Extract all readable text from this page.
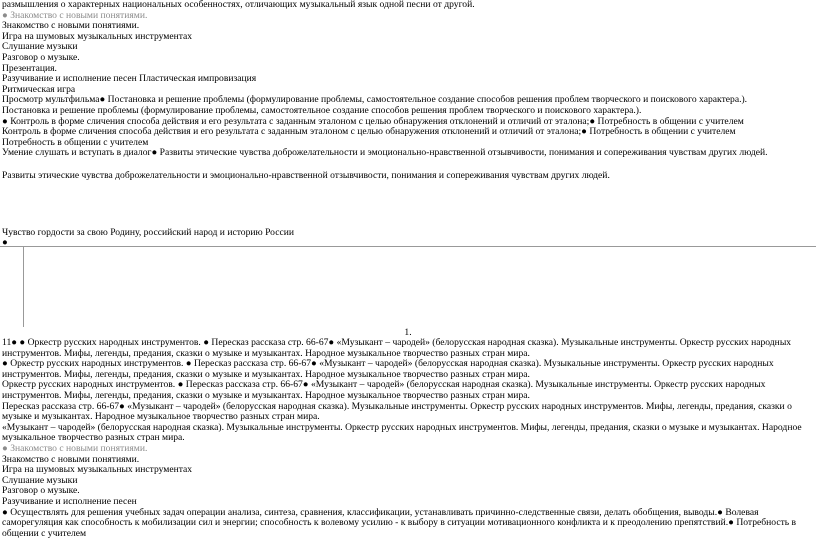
размышления о характерных национальных особенностях, отличающих музыкальный язык одной песни от другой.
● Знакомство с новыми понятиями.
Знакомство с новыми понятиями.
Игра на шумовых музыкальных инструментах
Слушание музыки
Разговор о музыке.
Презентация.
Разучивание и исполнение песен Пластическая импровизация
Ритмическая игра
Просмотр мультфильма● Постановка и решение проблемы (формулирование проблемы, самостоятельное создание способов решения проблем творческого и поискового характера.).
Постановка и решение проблемы (формулирование проблемы, самостоятельное создание способов решения проблем творческого и поискового характера.).
● Контроль в форме сличения способа действия и его результата с заданным эталоном с целью обнаружения отклонений и отличий от эталона;● Потребность в общении с учителем
Контроль в форме сличения способа действия и его результата с заданным эталоном с целью обнаружения отклонений и отличий от эталона;● Потребность в общении с учителем
Потребность в общении с учителем
Умение слушать и вступать в диалог● Развиты этические чувства доброжелательности и эмоционально-нравственной отзывчивости, понимания и сопереживания чувствам других людей.
Развиты этические чувства доброжелательности и эмоционально-нравственной отзывчивости, понимания и сопереживания чувствам других людей.
Чувство гордости за свою Родину, российский народ и историю России
●
1.
11● ● Оркестр русских народных инструментов. ● Пересказ рассказа стр. 66-67● «Музыкант – чародей» (белорусская народная сказка). Музыкальные инструменты. Оркестр русских народных инструментов. Мифы, легенды, предания, сказки о музыке и музыкантах. Народное музыкальное творчество разных стран мира.
● Оркестр русских народных инструментов. ● Пересказ рассказа стр. 66-67● «Музыкант – чародей» (белорусская народная сказка). Музыкальные инструменты. Оркестр русских народных инструментов. Мифы, легенды, предания, сказки о музыке и музыкантах. Народное музыкальное творчество разных стран мира.
Оркестр русских народных инструментов. ● Пересказ рассказа стр. 66-67● «Музыкант – чародей» (белорусская народная сказка). Музыкальные инструменты. Оркестр русских народных инструментов. Мифы, легенды, предания, сказки о музыке и музыкантах. Народное музыкальное творчество разных стран мира.
Пересказ рассказа стр. 66-67● «Музыкант – чародей» (белорусская народная сказка). Музыкальные инструменты. Оркестр русских народных инструментов. Мифы, легенды, предания, сказки о музыке и музыкантах. Народное музыкальное творчество разных стран мира.
«Музыкант – чародей» (белорусская народная сказка). Музыкальные инструменты. Оркестр русских народных инструментов. Мифы, легенды, предания, сказки о музыке и музыкантах. Народное музыкальное творчество разных стран мира.
● Знакомство с новыми понятиями.
Знакомство с новыми понятиями.
Игра на шумовых музыкальных инструментах
Слушание музыки
Разговор о музыке.
Разучивание и исполнение песен
● Осуществлять для решения учебных задач операции анализа, синтеза, сравнения, классификации, устанавливать причинно-следственные связи, делать обобщения, выводы.● Волевая саморегуляция как способность к мобилизации сил и энергии; способность к волевому усилию - к выбору в ситуации мотивационного конфликта и к преодолению препятствий.● Потребность в общении с учителем
